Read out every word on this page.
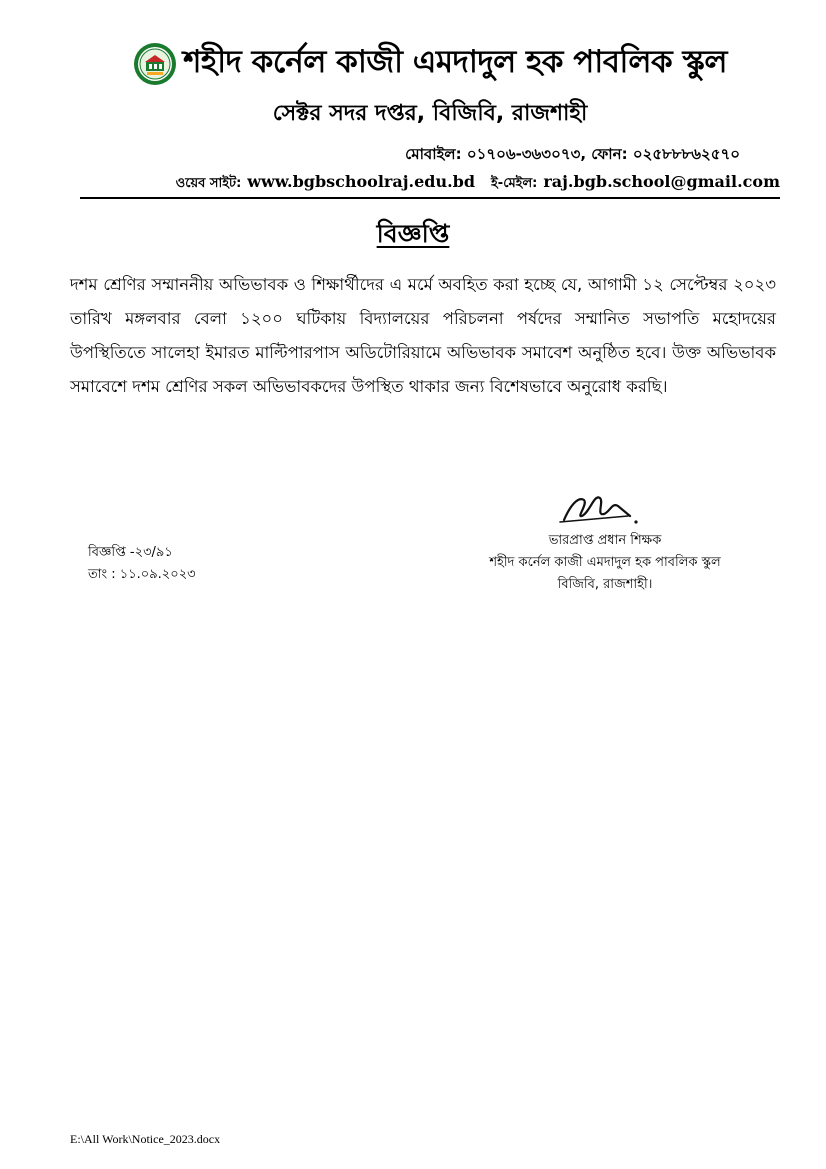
শহীদ কর্নেল কাজী এমদাদুল হক পাবলিক স্কুল
সেক্টর সদর দপ্তর, বিজিবি, রাজশাহী
মোবাইল: ০১৭০৬-৩৬৩০৭৩, ফোন: ০২৫৮৮৮৬২৫৭০
ওয়েব সাইট: www.bgbschoolraj.edu.bd ই-মেইল: raj.bgb.school@gmail.com
বিজ্ঞপ্তি
দশম শ্রেণির সম্মাননীয় অভিভাবক ও শিক্ষার্থীদের এ মর্মে অবহিত করা হচ্ছে যে, আগামী ১২ সেপ্টেম্বর ২০২৩ তারিখ মঙ্গলবার বেলা ১২০০ ঘটিকায় বিদ্যালয়ের পরিচলনা পর্ষদের সম্মানিত সভাপতি মহোদয়ের উপস্থিতিতে সালেহা ইমারত মাল্টিপারপাস অডিটোরিয়ামে অভিভাবক সমাবেশ অনুষ্ঠিত হবে। উক্ত অভিভাবক সমাবেশে দশম শ্রেণির সকল অভিভাবকদের উপস্থিত থাকার জন্য বিশেষভাবে অনুরোধ করছি।
ভারপ্রাপ্ত প্রধান শিক্ষক
শহীদ কর্নেল কাজী এমদাদুল হক পাবলিক স্কুল
বিজিবি, রাজশাহী।
বিজ্ঞপ্তি -২৩/৯১
তাং : ১১.০৯.২০২৩
E:\All Work\Notice_2023.docx
